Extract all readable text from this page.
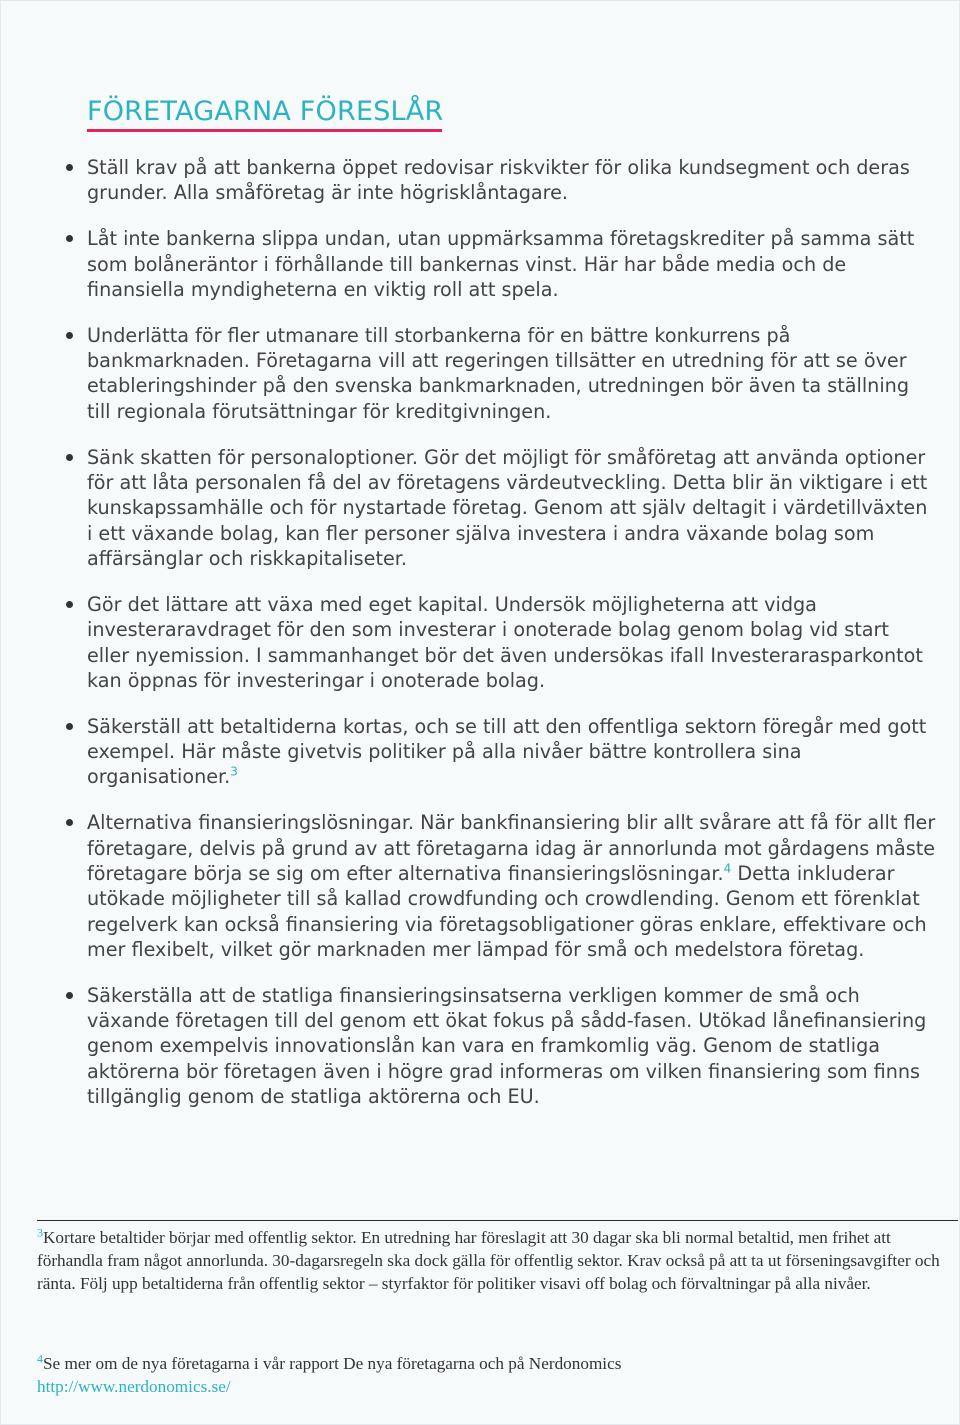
FÖRETAGARNA FÖRESLÅR
Ställ krav på att bankerna öppet redovisar riskvikter för olika kundsegment och deras grunder. Alla småföretag är inte högrisklåntagare.
Låt inte bankerna slippa undan, utan uppmärksamma företagskrediter på samma sätt som bolåneräntor i förhållande till bankernas vinst. Här har både media och de finansiella myndigheterna en viktig roll att spela.
Underlätta för fler utmanare till storbankerna för en bättre konkurrens på bankmarknaden. Företagarna vill att regeringen tillsätter en utredning för att se över etableringshinder på den svenska bankmarknaden, utredningen bör även ta ställning till regionala förutsättningar för kreditgivningen.
Sänk skatten för personaloptioner. Gör det möjligt för småföretag att använda optioner för att låta personalen få del av företagens värdeutveckling. Detta blir än viktigare i ett kunskapssamhälle och för nystartade företag. Genom att själv deltagit i värdetillväxten i ett växande bolag, kan fler personer själva investera i andra växande bolag som affärsänglar och riskkapitaliseter.
Gör det lättare att växa med eget kapital. Undersök möjligheterna att vidga investeraravdraget för den som investerar i onoterade bolag genom bolag vid start eller nyemission. I sammanhanget bör det även undersökas ifall Investerarasparkontot kan öppnas för investeringar i onoterade bolag.
Säkerställ att betaltiderna kortas, och se till att den offentliga sektorn föregår med gott exempel. Här måste givetvis politiker på alla nivåer bättre kontrollera sina organisationer.$^3$
Alternativa finansieringslösningar. När bankfinansiering blir allt svårare att få för allt fler företagare, delvis på grund av att företagarna idag är annorlunda mot gårdagens måste företagare börja se sig om efter alternativa finansieringslösningar.$^4$ Detta inkluderar utökade möjligheter till så kallad crowdfunding och crowdlending. Genom ett förenklat regelverk kan också finansiering via företagsobligationer göras enklare, effektivare och mer flexibelt, vilket gör marknaden mer lämpad för små och medelstora företag.
Säkerställa att de statliga finansieringsinsatserna verkligen kommer de små och växande företagen till del genom ett ökat fokus på sådd-fasen. Utökad lånefinansiering genom exempelvis innovationslån kan vara en framkomlig väg. Genom de statliga aktörerna bör företagen även i högre grad informeras om vilken finansiering som finns tillgänglig genom de statliga aktörerna och EU.
$^3$Kortare betaltider börjar med offentlig sektor. En utredning har föreslagit att 30 dagar ska bli normal betaltid, men frihet att förhandla fram något annorlunda. 30-dagarsregeln ska dock gälla för offentlig sektor. Krav också på att ta ut förseningsavgifter och ränta. Följ upp betaltiderna från offentlig sektor – styrfaktor för politiker visavi off bolag och förvaltningar på alla nivåer.
$^4$Se mer om de nya företagarna i vår rapport De nya företagarna och på Nerdonomics
http://www.nerdonomics.se/
